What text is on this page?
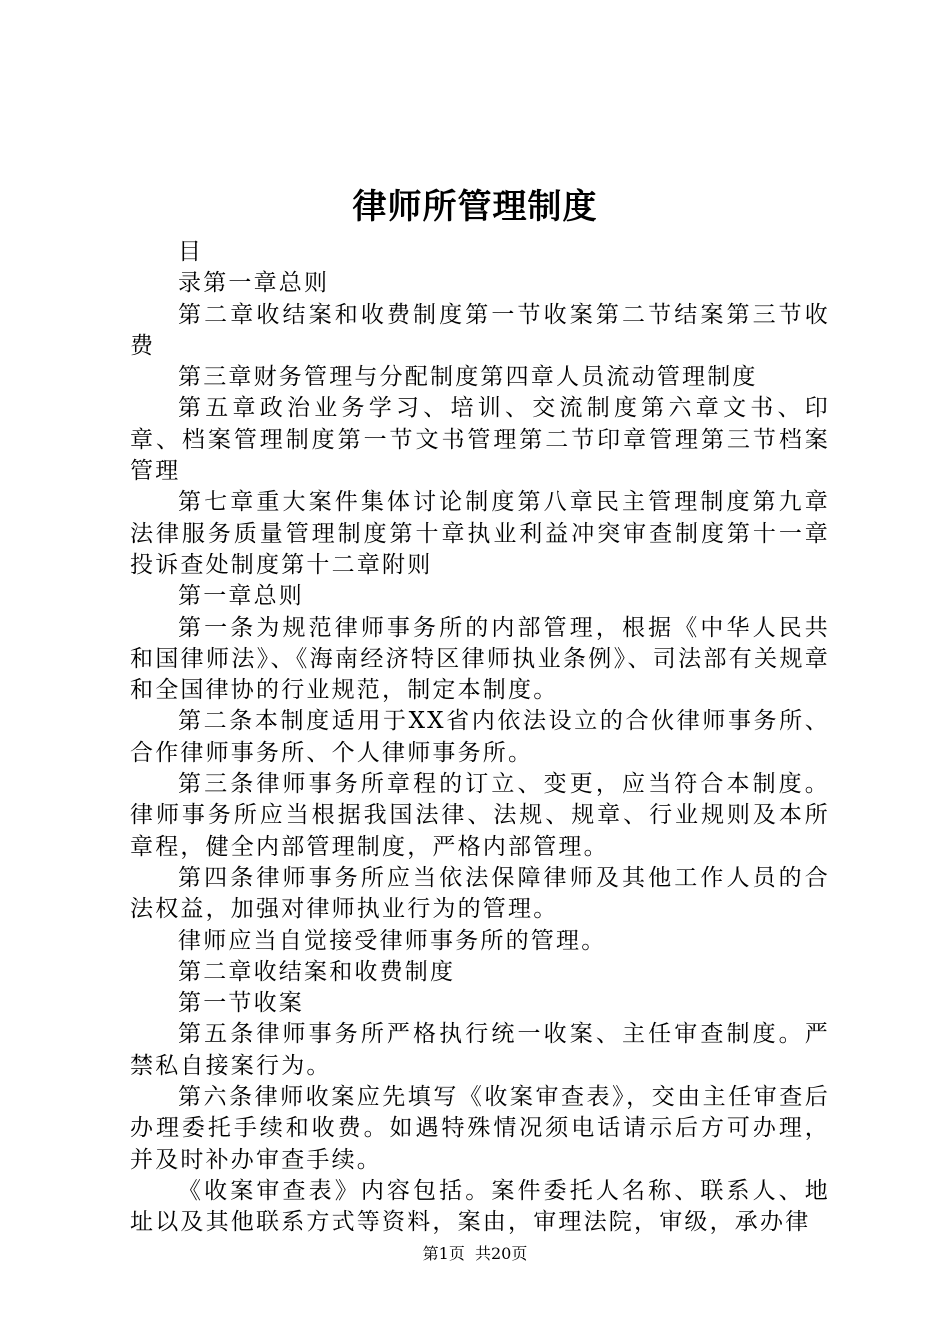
律师所管理制度

目

录第一章总则

第二章收结案和收费制度第一节收案第二节结案第三节收费

第三章财务管理与分配制度第四章人员流动管理制度

第五章政治业务学习、培训、交流制度第六章文书、印章、档案管理制度第一节文书管理第二节印章管理第三节档案管理

第七章重大案件集体讨论制度第八章民主管理制度第九章法律服务质量管理制度第十章执业利益冲突审查制度第十一章投诉查处制度第十二章附则

第一章总则

第一条为规范律师事务所的内部管理，根据《中华人民共和国律师法》、《海南经济特区律师执业条例》、司法部有关规章和全国律协的行业规范，制定本制度。

第二条本制度适用于XX省内依法设立的合伙律师事务所、合作律师事务所、个人律师事务所。

第三条律师事务所章程的订立、变更，应当符合本制度。律师事务所应当根据我国法律、法规、规章、行业规则及本所章程，健全内部管理制度，严格内部管理。

第四条律师事务所应当依法保障律师及其他工作人员的合法权益，加强对律师执业行为的管理。

律师应当自觉接受律师事务所的管理。

第二章收结案和收费制度

第一节收案

第五条律师事务所严格执行统一收案、主任审查制度。严禁私自接案行为。

第六条律师收案应先填写《收案审查表》，交由主任审查后办理委托手续和收费。如遇特殊情况须电话请示后方可办理，并及时补办审查手续。

《收案审查表》内容包括。案件委托人名称、联系人、地址以及其他联系方式等资料，案由，审理法院，审级，承办律

第1页  共20页
